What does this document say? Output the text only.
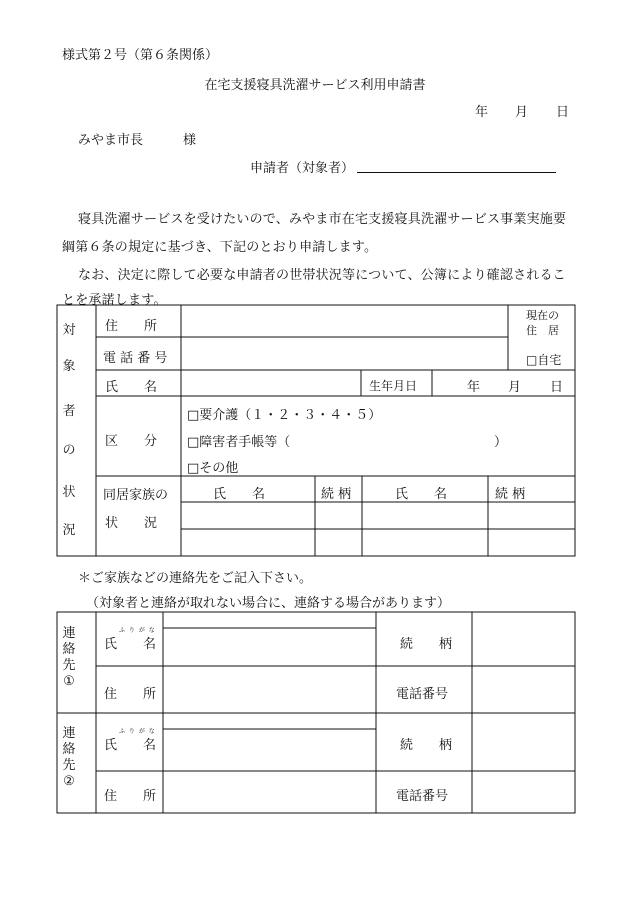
様式第２号（第６条関係）
在宅支援寝具洗濯サービス利用申請書
年 月 日
みやま市長	様
申請者（対象者）
寝具洗濯サービスを受けたいので、みやま市在宅支援寝具洗濯サービス事業実施要
綱第６条の規定に基づき、下記のとおり申請します。
なお、決定に際して必要な申請者の世帯状況等について、公簿により確認されるこ
とを承諾します。
対
象
者
の
状
況
住　　所
現在の
住　居
□自宅
電 話 番 号
氏　　名	生年月日	年 月 日
区　　分
□要介護（１・２・３・４・５）
□障害者手帳等（	）
□その他
同居家族の
状　　況
氏　　名	続 柄	氏　　名	続 柄
＊ご家族などの連絡先をご記入下さい。
（対象者と連絡が取れない場合に、連絡する場合があります）
連
絡
先
①
ふ り が な
氏　　名	続　　柄
住　　所	電話番号
連
絡
先
②
ふ り が な
氏　　名	続　　柄
住　　所	電話番号
